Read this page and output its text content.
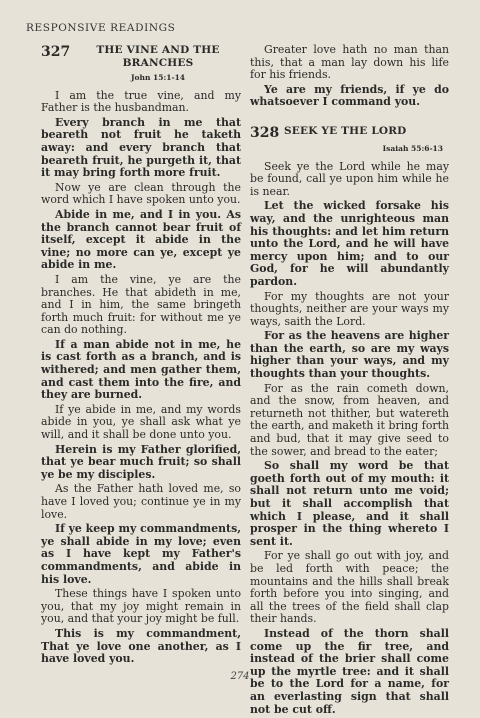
RESPONSIVE READINGS
327	THE VINE AND THE BRANCHES
John 15:1-14

I am the true vine, and my Father is the husbandman.

Every branch in me that beareth not fruit he taketh away: and every branch that beareth fruit, he purgeth it, that it may bring forth more fruit.

Now ye are clean through the word which I have spoken unto you.

Abide in me, and I in you. As the branch cannot bear fruit of itself, except it abide in the vine; no more can ye, except ye abide in me.

I am the vine, ye are the branches. He that abideth in me, and I in him, the same bringeth forth much fruit: for without me ye can do nothing.

If a man abide not in me, he is cast forth as a branch, and is withered; and men gather them, and cast them into the fire, and they are burned.

If ye abide in me, and my words abide in you, ye shall ask what ye will, and it shall be done unto you.

Herein is my Father glorified, that ye bear much fruit; so shall ye be my disciples.

As the Father hath loved me, so have I loved you; continue ye in my love.

If ye keep my commandments, ye shall abide in my love; even as I have kept my Father's commandments, and abide in his love.

These things have I spoken unto you, that my joy might remain in you, and that your joy might be full.

This is my commandment, That ye love one another, as I have loved you.

Greater love hath no man than this, that a man lay down his life for his friends.

Ye are my friends, if ye do whatsoever I command you.

328 SEEK YE THE LORD
Isaiah 55:6-13

Seek ye the Lord while he may be found, call ye upon him while he is near.

Let the wicked forsake his way, and the unrighteous man his thoughts: and let him return unto the Lord, and he will have mercy upon him; and to our God, for he will abundantly pardon.

For my thoughts are not your thoughts, neither are your ways my ways, saith the Lord.

For as the heavens are higher than the earth, so are my ways higher than your ways, and my thoughts than your thoughts.

For as the rain cometh down, and the snow, from heaven, and returneth not thither, but watereth the earth, and maketh it bring forth and bud, that it may give seed to the sower, and bread to the eater;

So shall my word be that goeth forth out of my mouth: it shall not return unto me void; but it shall accomplish that which I please, and it shall prosper in the thing whereto I sent it.

For ye shall go out with joy, and be led forth with peace; the mountains and the hills shall break forth before you into singing, and all the trees of the field shall clap their hands.

Instead of the thorn shall come up the fir tree, and instead of the brier shall come up the myrtle tree: and it shall be to the Lord for a name, for an everlasting sign that shall not be cut off.

274
